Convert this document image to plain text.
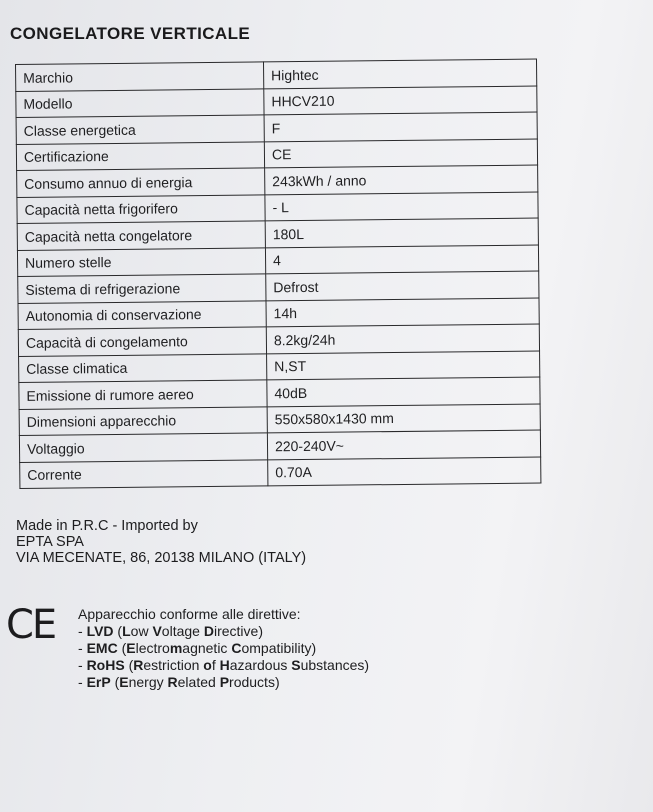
CONGELATORE VERTICALE
Marchio	Hightec
Modello	HHCV210
Classe energetica	F
Certificazione	CE
Consumo annuo di energia	243kWh / anno
Capacità netta frigorifero	- L
Capacità netta congelatore	180L
Numero stelle	4
Sistema di refrigerazione	Defrost
Autonomia di conservazione	14h
Capacità di congelamento	8.2kg/24h
Classe climatica	N,ST
Emissione di rumore aereo	40dB
Dimensioni apparecchio	550x580x1430 mm
Voltaggio	220-240V~
Corrente	0.70A
Made in P.R.C - Imported by
EPTA SPA
VIA MECENATE, 86, 20138 MILANO (ITALY)
CE Apparecchio conforme alle direttive:
- LVD (Low Voltage Directive)
- EMC (Electromagnetic Compatibility)
- RoHS (Restriction of Hazardous Substances)
- ErP (Energy Related Products)
